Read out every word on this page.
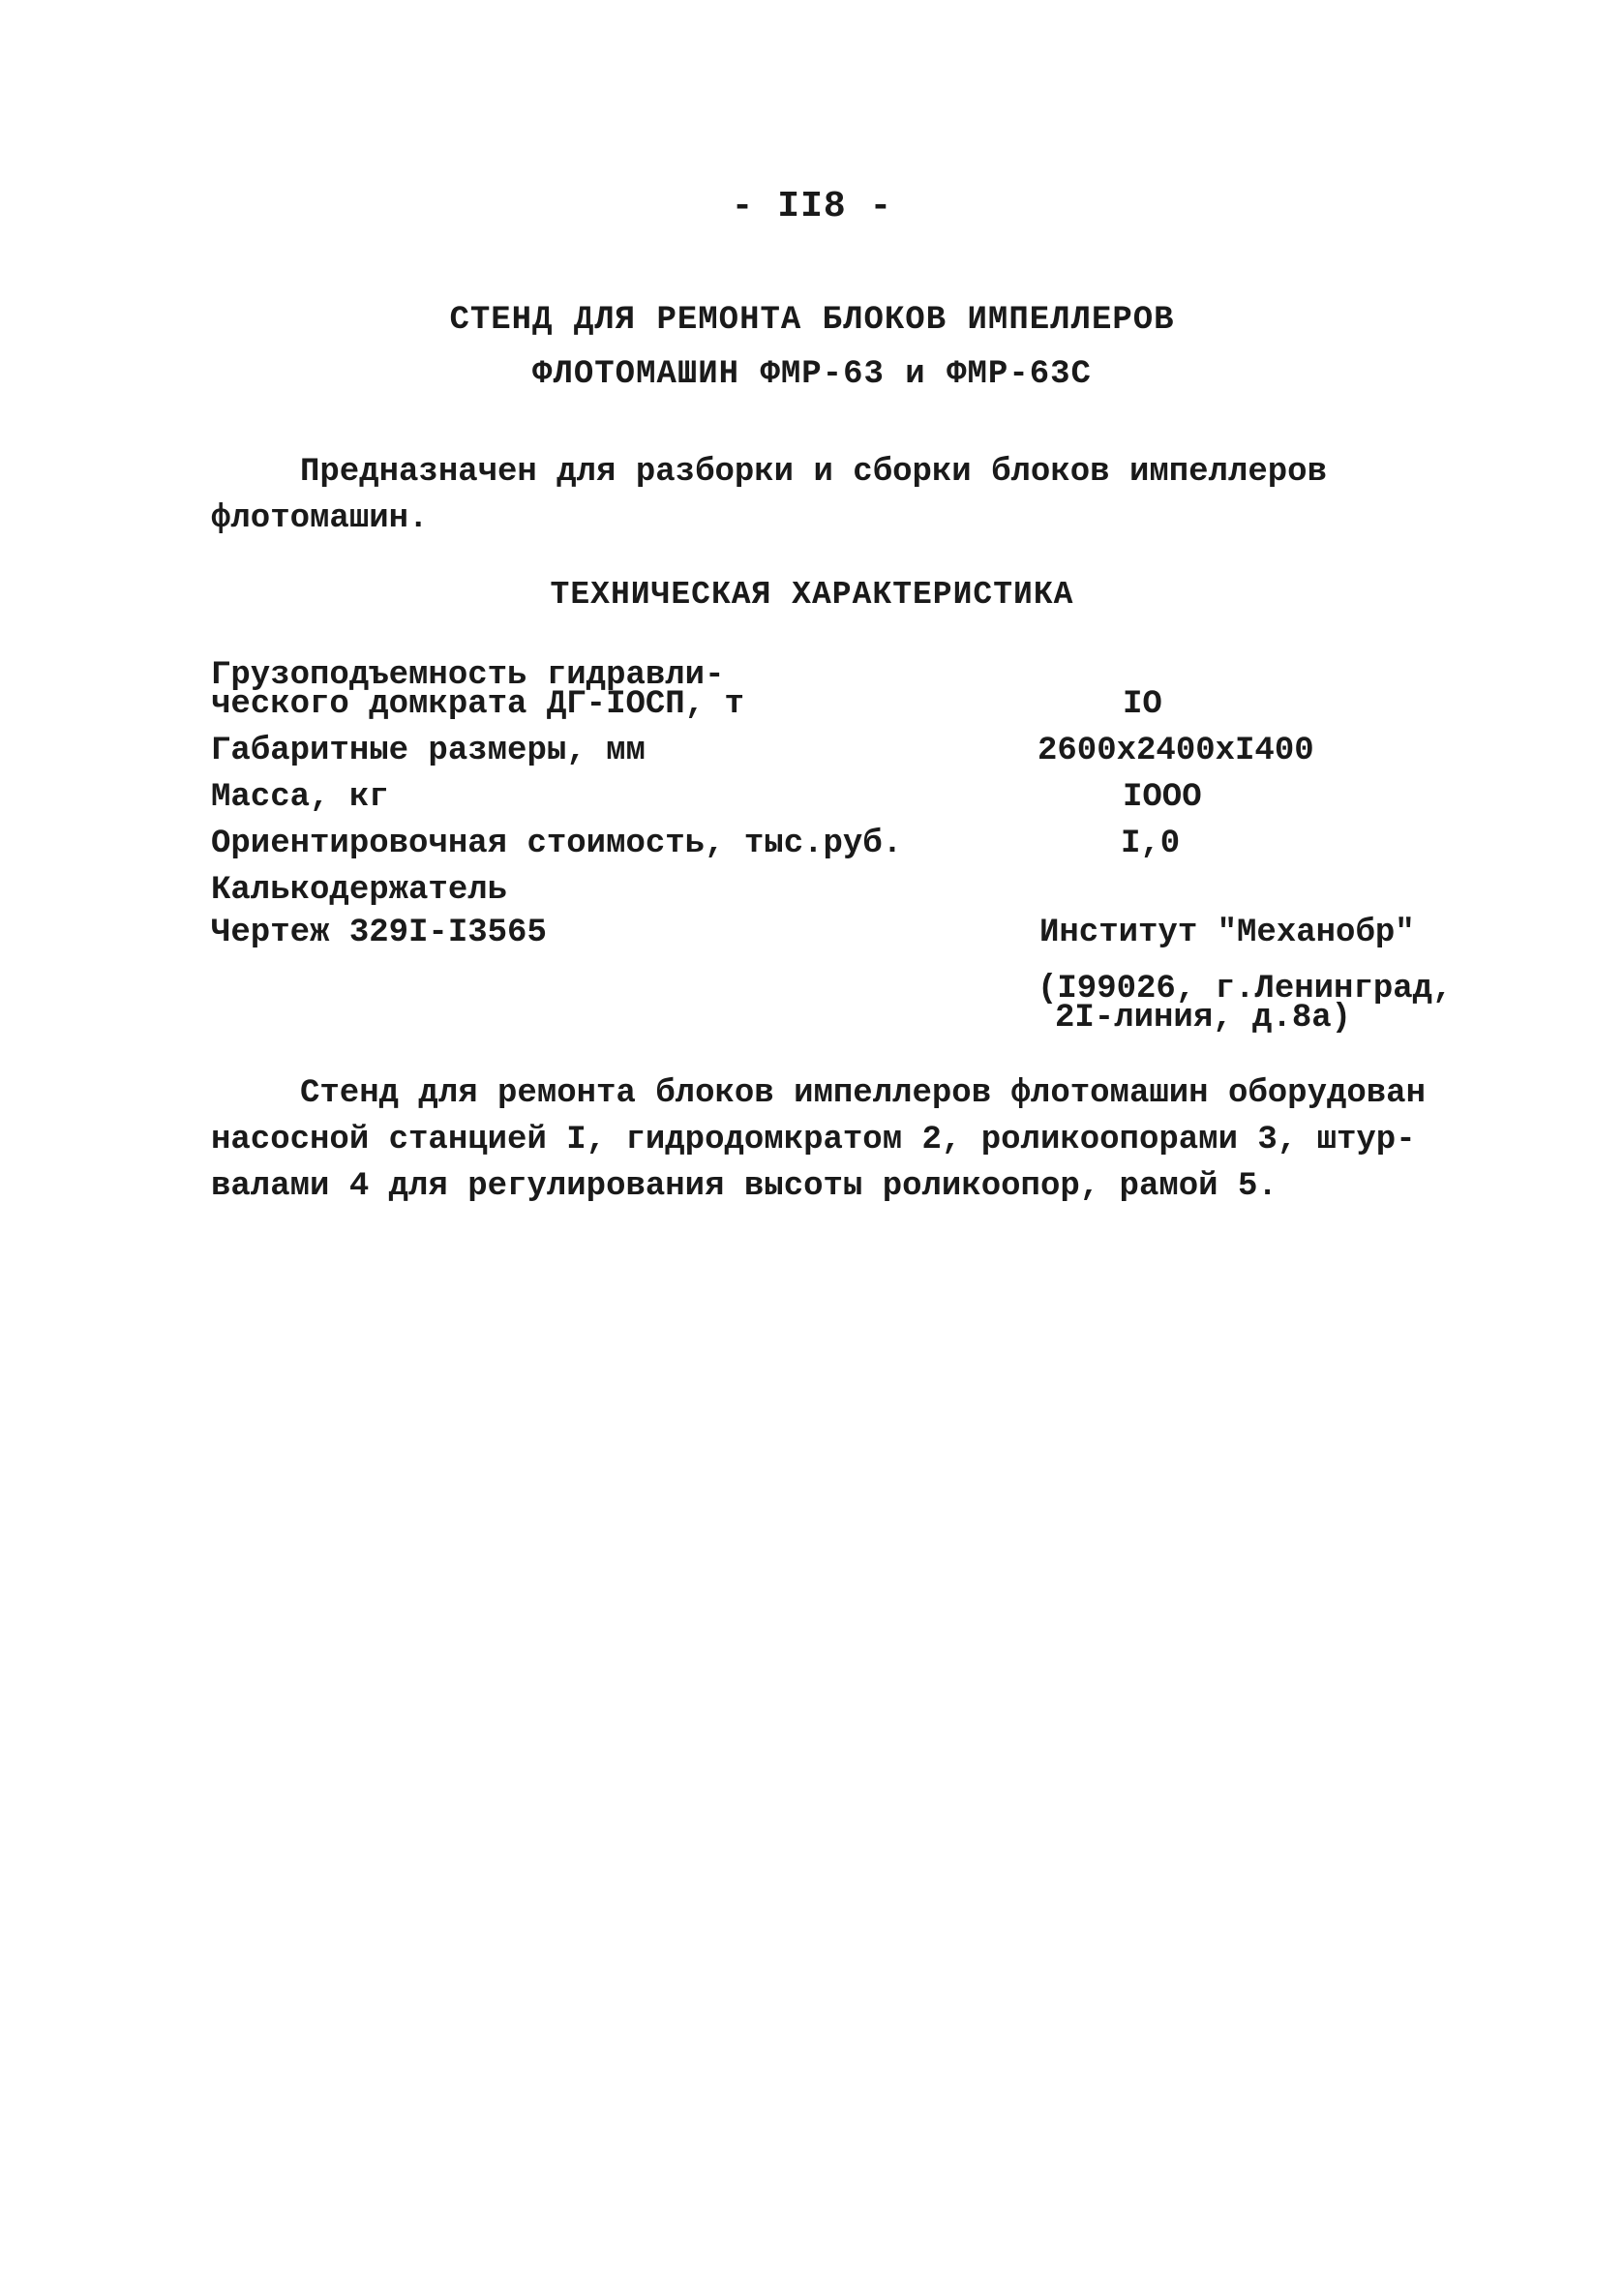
- II8 -
СТЕНД ДЛЯ РЕМОНТА БЛОКОВ ИМПЕЛЛЕРОВ
ФЛОТОМАШИН ФМР-63 и ФМР-63С
Предназначен для разборки и сборки блоков импеллеров
флотомашин.
ТЕХНИЧЕСКАЯ ХАРАКТЕРИСТИКА
Грузоподъемность гидравли-
ческого домкрата ДГ-IOСП, т	IO
Габаритные размеры, мм	2600x2400xI400
Масса, кг	IOOO
Ориентировочная стоимость, тыс.руб.	I,0
Калькодержатель
Чертеж 329I-I3565	Институт "Механобр"
(I99026, г.Ленинград,
2I-линия, д.8а)
Стенд для ремонта блоков импеллеров флотомашин оборудован
насосной станцией I, гидродомкратом 2, роликоопорами 3, штур-
валами 4 для регулирования высоты роликоопор, рамой 5.
